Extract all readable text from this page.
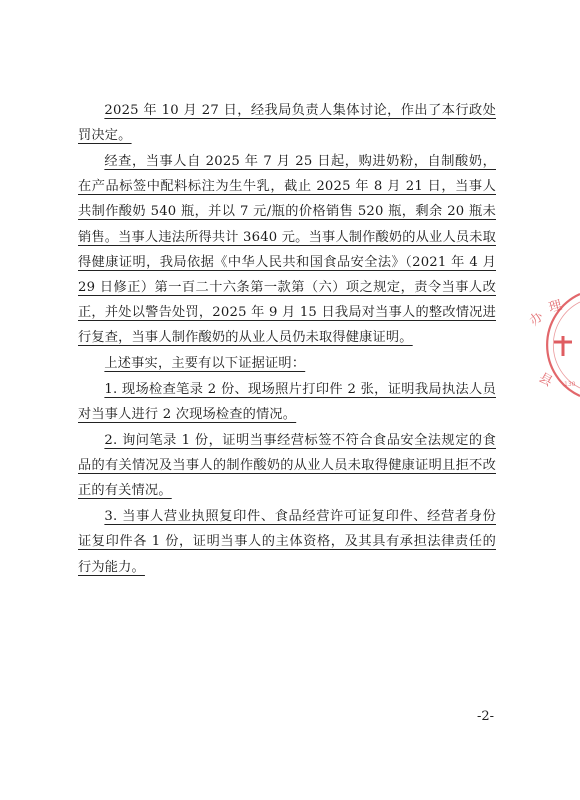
2025 年 10 月 27 日，经我局负责人集体讨论，作出了本行政处罚决定。

经查，当事人自 2025 年 7 月 25 日起，购进奶粉，自制酸奶，在产品标签中配料标注为生牛乳，截止 2025 年 8 月 21 日，当事人共制作酸奶 540 瓶，并以 7 元/瓶的价格销售 520 瓶，剩余 20 瓶未销售。当事人违法所得共计 3640 元。当事人制作酸奶的从业人员未取得健康证明，我局依据《中华人民共和国食品安全法》（2021 年 4 月 29 日修正）第一百二十六条第一款第（六）项之规定，责令当事人改正，并处以警告处罚，2025 年 9 月 15 日我局对当事人的整改情况进行复查，当事人制作酸奶的从业人员仍未取得健康证明。

上述事实，主要有以下证据证明：

1. 现场检查笔录 2 份、现场照片打印件 2 张，证明我局执法人员对当事人进行 2 次现场检查的情况。

2. 询问笔录 1 份，证明当事经营标签不符合食品安全法规定的食品的有关情况及当事人的制作酸奶的从业人员未取得健康证明且拒不改正的有关情况。

3. 当事人营业执照复印件、食品经营许可证复印件、经营者身份证复印件各 1 份，证明当事人的主体资格，及其具有承担法律责任的行为能力。

办
理
县 130
-2-
